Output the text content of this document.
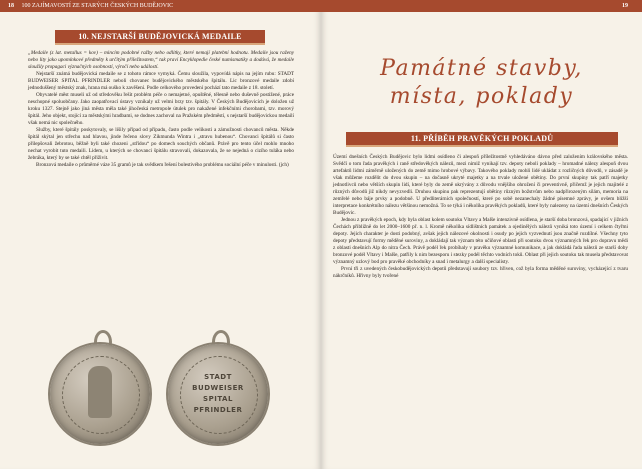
18 100 ZAJÍMAVOSTÍ ZE STARÝCH ČESKÝCH BUDĚJOVIC
10. NEJSTARŠÍ BUDĚJOVICKÁ MEDAILE

„Medaile (z lat. metallus = kov) – mincím podobné ražby nebo odlitky, které nemají platební hodnotu. Medaile jsou raženy nebo lity jako upomínkové předměty k určitým příležitostem,“ tak praví Encyklopedie české numismatiky a dodává, že medaile sloužily propagaci význačných osobností, výročí nebo událostí.

Nejstarší známá budějovická medaile se z tohoto rámce vymyká. Čemu sloužila, vypovídá nápis na jejím rubu: STADT BUDWEISER SPITAL PFRINDLER neboli chovanec budějovického městského špitálu. Lic bronzové medaile zdobí jednoduššený městský znak, hrana má ouško k zavěšení. Podle celkového provedení pochází tato medaile z 18. století.

Obyvatelé měst museli už od středověku řešit problém péče o nemajetné, opuštěné, tělesně nebo duševně postižené, práce neschopné spoluobčany. Jako zaopatřovací ústavy vznikaly už velmi brzy tzv. špitály. V Českých Budějovicích je doložen už kroku 1327. Stejně jako jiná města měla také jihočeská metropole útulek pro nakažené infekčními chorobami, tzv. morový špitál. Jeho objekt, stojící za městskými hradbami, se dodnes zachoval na Pražském předměstí, s nejstarší budějovickou medailí však nemá nic společného.

Služby, které špitály poskytovaly, se lišily případ od případu, často podle velikosti a zámožnosti chovanců města. Někde špitál skýtal jen střechu nad hlavou, jinde řečeno slovy Zikmunda Wintra i „stravu hubenou“. Chovanci špitálů si často přilepšovali žebrotou, běžně byli také chozeni „střídou“ po domech souchých občanů. Právě pro tento účel mohlo mnoho nechat vyrobit tuto medaili. Lidem, u kterých se chovanci špitálu stravovali, dokazovala, že se nejedná o cizího tuláka nebo žebráka, který by se také chtěl přiživit.

Bronzová medaile o průměrné váze 35 gramů je tak svědkem řešení bolestivého problému sociální péče v minulosti. (jch)

STADT
BUDWEISER
SPITAL
PFRINDLER
19
Památné stavby,
místa, poklady
11. PŘÍBĚH PRAVĚKÝCH POKLADŮ

Území dnešních Českých Budějovic bylo lidmi osídleno či alespoň příležitostně vyhledáváno dávno před založením královského města. Svědčí o tom řada pravěkých i raně středověkých nálezů, mezi nimiž vynikají tzv. depoty neboli poklady – hromadné nálezy alespoň dvou artefaktů lidmi záměrně uložených do země mimo hrobové výbavy. Takového poklady mohli lidé ukládat z rozličných důvodů, v zásadě je však můžeme rozdělit do dvou skupin – na dočasně ukryté majetky a na trvale uložené obětiny. Do první skupiny tak patří majetky jednotlivců nebo větších skupin lidí, které byly do země ukrývány z důvodu vnějšího ohrožení či preventivně, přičemž je jejich majitelé z různých důvodů již nikdy nevyzvedli. Druhou skupinu pak reprezentují obětiny různým božstvům nebo nadpřirozeným silám, memoria na zemřelé nebo báje prvky a podobně. U předliterárních společností, které po sobě nezanechaly žádné písemné zprávy, je ovšem blížší interpretace konkrétního nálezu většinou nemožná. To se týká i několika pravěkých pokladů, které byly nalezeny na území dnešních Českých Budějovic.

Jednou z pravěkých epoch, kdy byla oblast kolem soutoku Vltavy a Malše intenzivně osídlena, je starší doba bronzová, spadající v jižních Čechách přibližně do let 2000–1600 př. n. l. Kromě několika sídlištních památek a ojedinělých nálezů vyniká toto území i celkem čtyřmi depoty. Jejich charakter je dosti podobný, avšak jejich nálezové okolnosti i osudy po jejich vyzvednutí jsou značně rozdílné. Všechny tyto depoty představují formy měděné suroviny, a dokládají tak význam této učiňové oblasti při soutoku dvou významných řek pro dopravu mědi z oblasti dnešních Alp do nitra Čech. Právě podél řek probíhaly v pravěku významné komunikace, a jak dokládá řada nálezů ze starší doby bronzové podél Vltavy i Malše, patřily k nim bezesporu i stezky podél těchto vodních toků. Oblast při jejich soutoku tak musela představovat významný uzlový bod pro pravěké obchodníky a snad i metalurgy a další specialisty.

První tři z uvedených českobudějovických depotů představují soubory tzv. hřiven, což byla forma měděné suroviny, vycházející z tvaru nákrčníků. Hřivny byly tvořené
